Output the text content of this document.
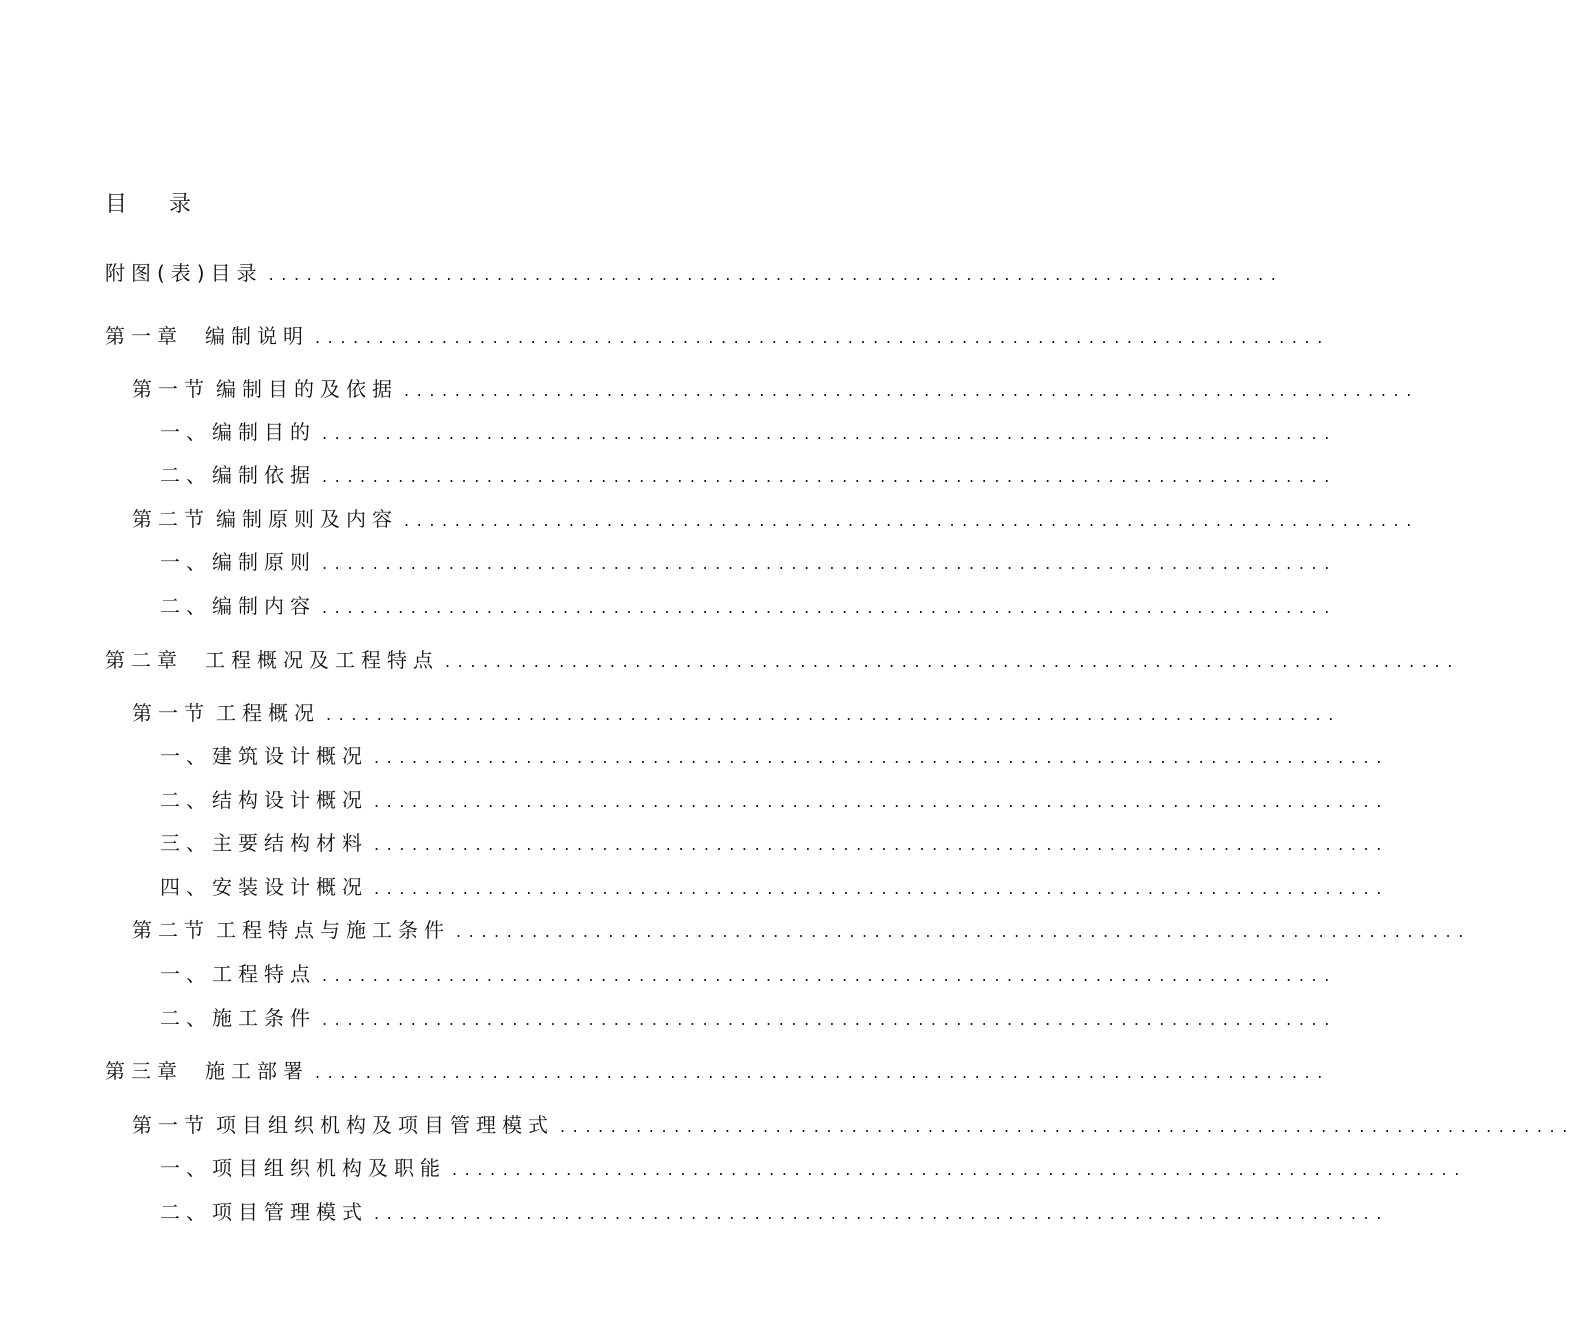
目 录
附图(表)目录 ................................................................................
第一章 编制说明 ................................................................................
第一节 编制目的及依据 ................................................................................
一、编制目的 ................................................................................
二、编制依据 ................................................................................
第二节 编制原则及内容 ................................................................................
一、编制原则 ................................................................................
二、编制内容 ................................................................................
第二章 工程概况及工程特点 ................................................................................
第一节 工程概况 ................................................................................
一、建筑设计概况 ................................................................................
二、结构设计概况 ................................................................................
三、主要结构材料 ................................................................................
四、安装设计概况 ................................................................................
第二节 工程特点与施工条件 ................................................................................
一、工程特点 ................................................................................
二、施工条件 ................................................................................
第三章 施工部署 ................................................................................
第一节 项目组织机构及项目管理模式 ................................................................................
一、项目组织机构及职能 ................................................................................
二、项目管理模式 ................................................................................
